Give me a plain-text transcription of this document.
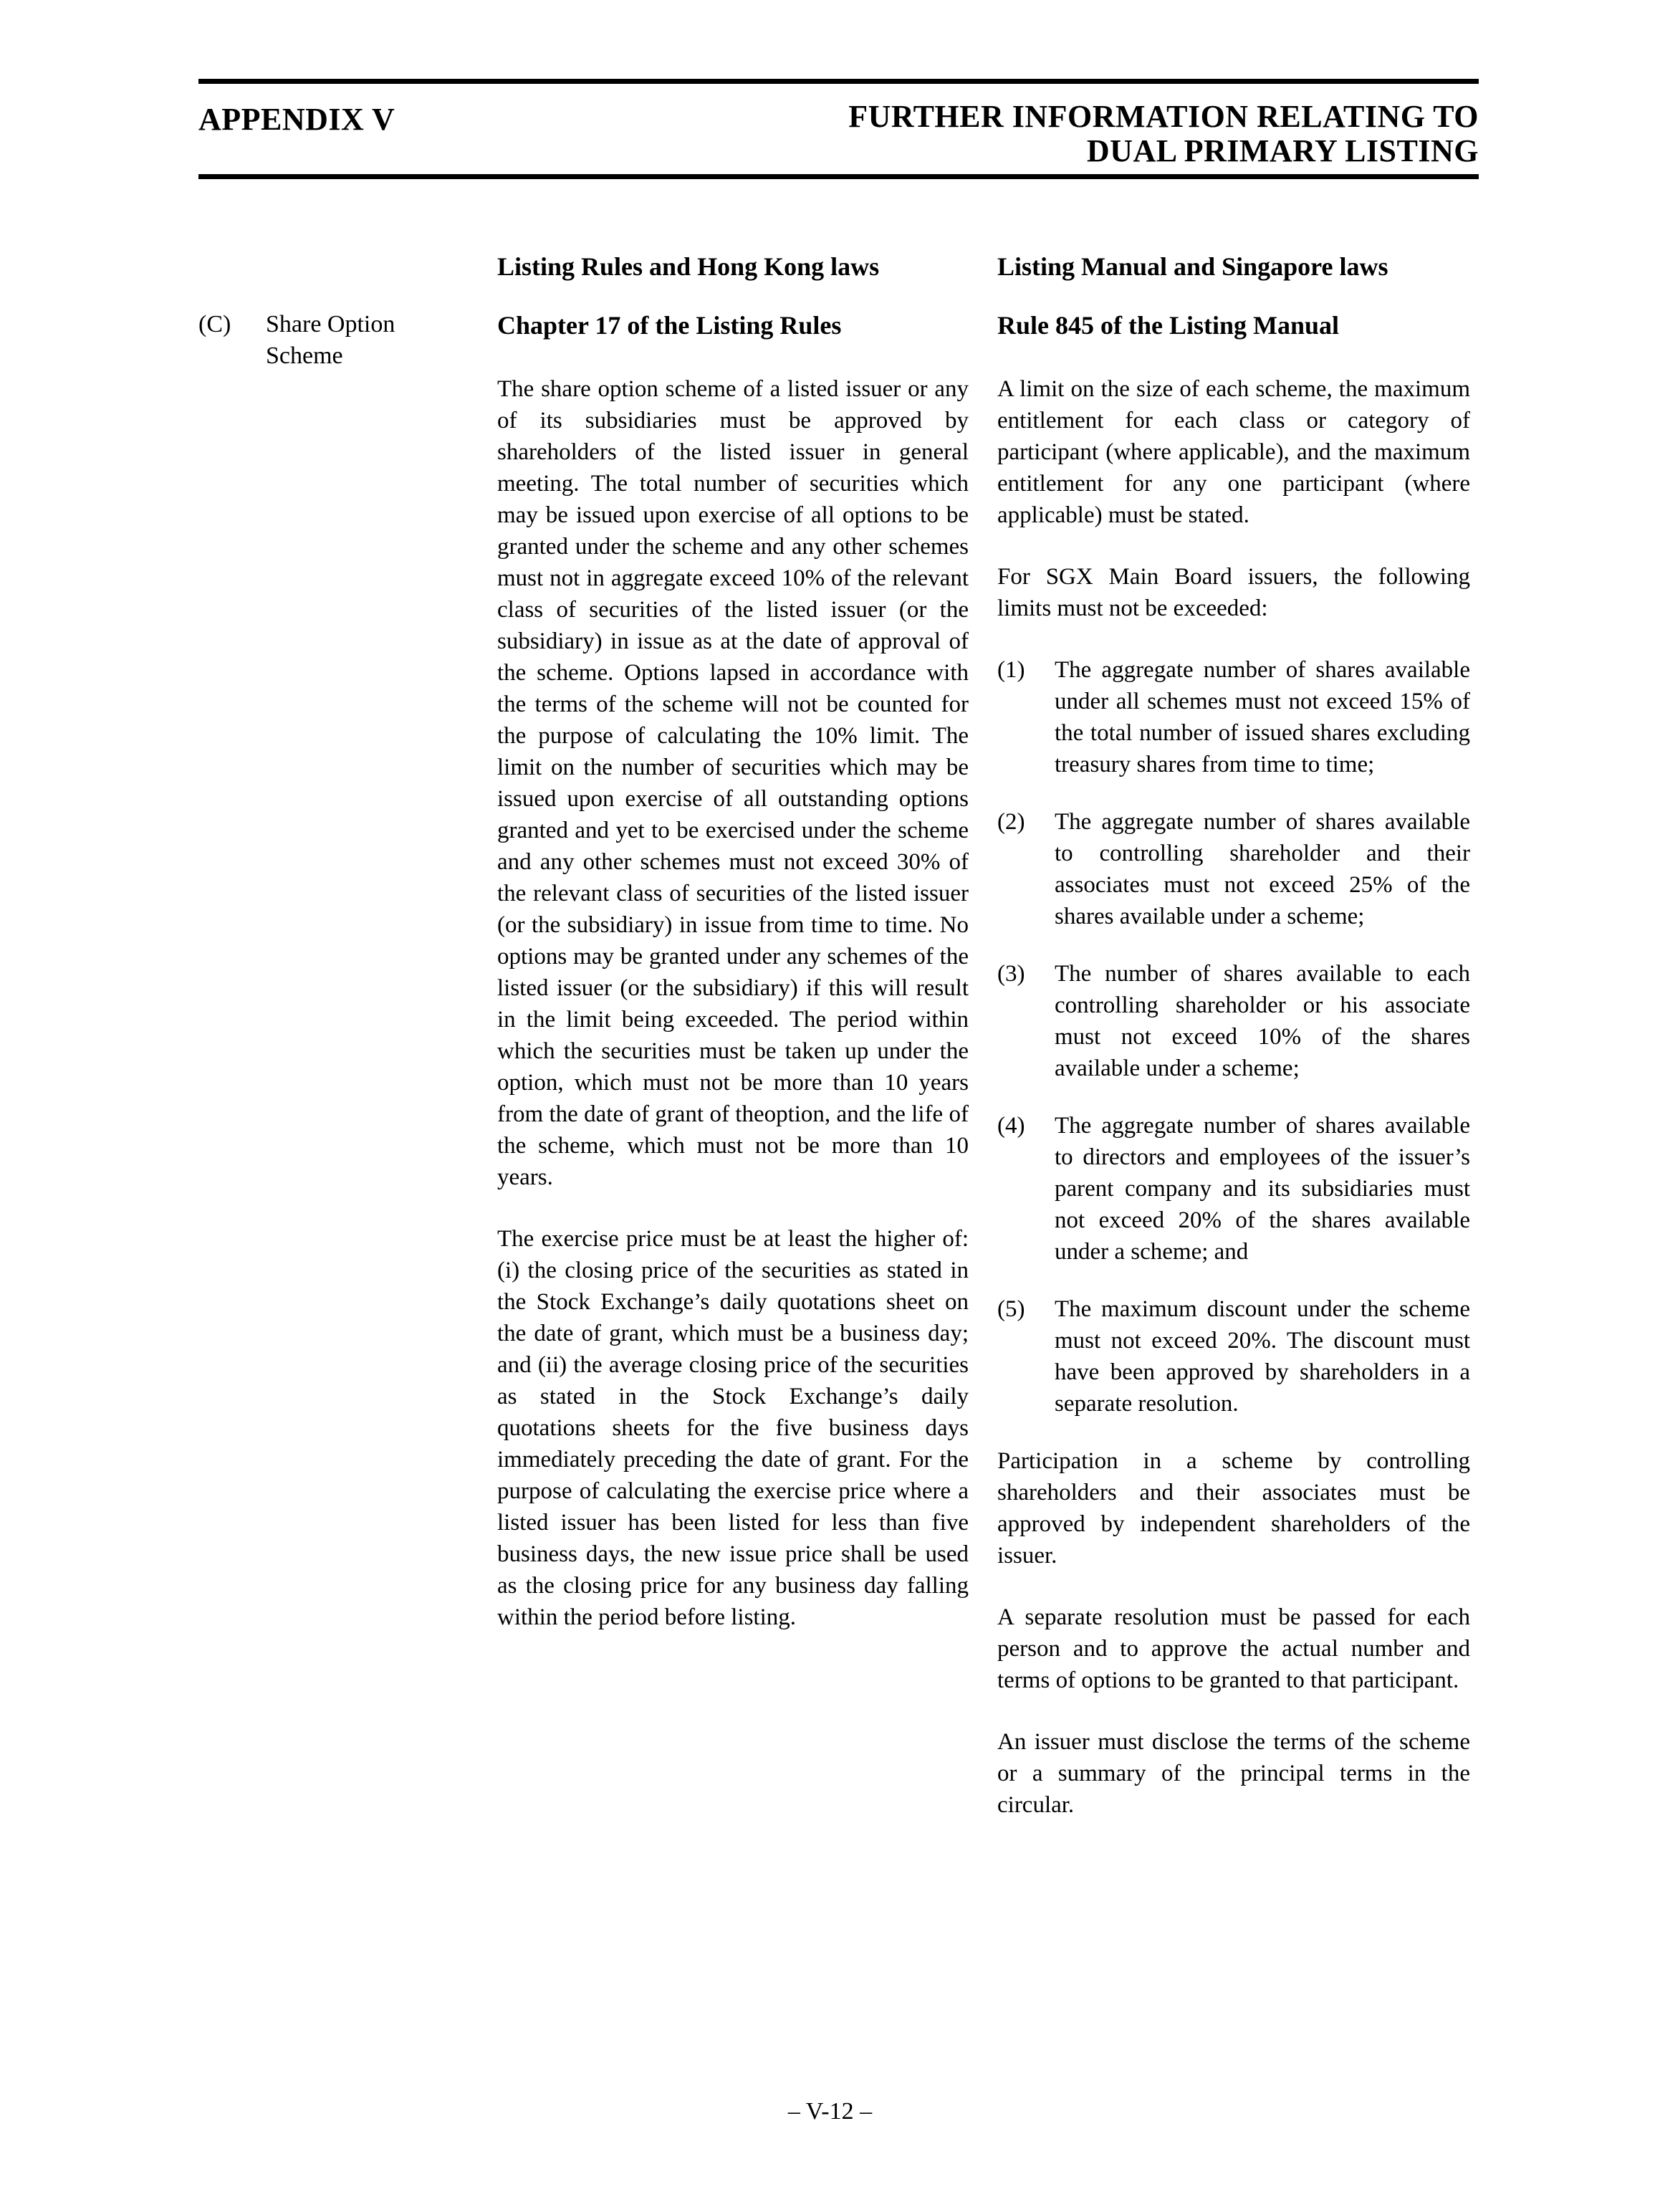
APPENDIX V	FURTHER INFORMATION RELATING TO
DUAL PRIMARY LISTING
Listing Rules and Hong Kong laws	Listing Manual and Singapore laws
(C)	Share Option Scheme
Chapter 17 of the Listing Rules	Rule 845 of the Listing Manual

The share option scheme of a listed issuer or any of its subsidiaries must be approved by shareholders of the listed issuer in general meeting. The total number of securities which may be issued upon exercise of all options to be granted under the scheme and any other schemes must not in aggregate exceed 10% of the relevant class of securities of the listed issuer (or the subsidiary) in issue as at the date of approval of the scheme. Options lapsed in accordance with the terms of the scheme will not be counted for the purpose of calculating the 10% limit. The limit on the number of securities which may be issued upon exercise of all outstanding options granted and yet to be exercised under the scheme and any other schemes must not exceed 30% of the relevant class of securities of the listed issuer (or the subsidiary) in issue from time to time. No options may be granted under any schemes of the listed issuer (or the subsidiary) if this will result in the limit being exceeded. The period within which the securities must be taken up under the option, which must not be more than 10 years from the date of grant of theoption, and the life of the scheme, which must not be more than 10 years.

The exercise price must be at least the higher of: (i) the closing price of the securities as stated in the Stock Exchange’s daily quotations sheet on the date of grant, which must be a business day; and (ii) the average closing price of the securities as stated in the Stock Exchange’s daily quotations sheets for the five business days immediately preceding the date of grant. For the purpose of calculating the exercise price where a listed issuer has been listed for less than five business days, the new issue price shall be used as the closing price for any business day falling within the period before listing.

A limit on the size of each scheme, the maximum entitlement for each class or category of participant (where applicable), and the maximum entitlement for any one participant (where applicable) must be stated.

For SGX Main Board issuers, the following limits must not be exceeded:

(1)	The aggregate number of shares available under all schemes must not exceed 15% of the total number of issued shares excluding treasury shares from time to time;
(2)	The aggregate number of shares available to controlling shareholder and their associates must not exceed 25% of the shares available under a scheme;
(3)	The number of shares available to each controlling shareholder or his associate must not exceed 10% of the shares available under a scheme;
(4)	The aggregate number of shares available to directors and employees of the issuer’s parent company and its subsidiaries must not exceed 20% of the shares available under a scheme; and
(5)	The maximum discount under the scheme must not exceed 20%. The discount must have been approved by shareholders in a separate resolution.

Participation in a scheme by controlling shareholders and their associates must be approved by independent shareholders of the issuer.

A separate resolution must be passed for each person and to approve the actual number and terms of options to be granted to that participant.

An issuer must disclose the terms of the scheme or a summary of the principal terms in the circular.

– V-12 –
